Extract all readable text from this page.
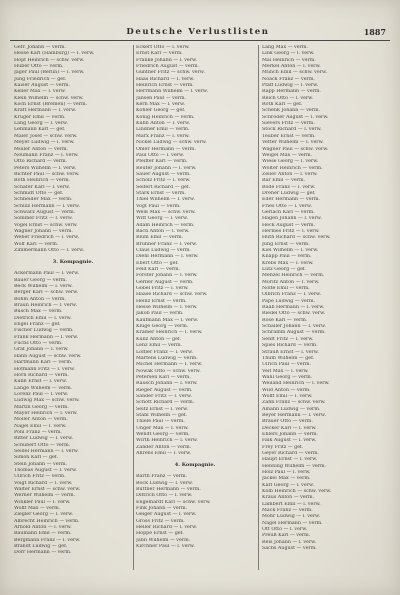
Deutsche Verlustlisten	1887
Gefr. Johann — verm.
Hesse Karl (Hamburg) — l. verw.
Hopf Heinrich — schw. verw.
Huber Otto — verm.
Jäger Paul (Berlin) — l. verw.
Jung Friedrich — gef.
Kaiser August — verm.
Keller Max — l. verw.
Klein Wilhelm — schw. verw.
Koch Ernst (Bremen) — verm.
Kraft Hermann — l. verw.
Krüger Emil — verm.
Lang Georg — l. verw.
Lehmann Karl — gef.
Maier Josef — schw. verw.
Meyer Ludwig — l. verw.
Müller Anton — verm.
Neumann Franz — l. verw.
Otto Richard — verm.
Peters Wilhelm — l. verw.
Richter Paul — schw. verw.
Roth Heinrich — verm.
Schäfer Karl — l. verw.
Schmidt Otto — gef.
Schneider Max — verm.
Schulz Hermann — l. verw.
Schwarz August — verm.
Sommer Fritz — l. verw.
Vogel Ernst — schw. verw.
Wagner Johann — verm.
Weber Friedrich — l. verw.
Wolf Karl — verm.
Zimmermann Otto — l. verw.
3. Kompagnie.
Ackermann Paul — l. verw.
Bauer Georg — verm.
Beck Wilhelm — l. verw.
Berger Karl — schw. verw.
Böhm Anton — verm.
Braun Heinrich — l. verw.
Busch Max — verm.
Dietrich Emil — l. verw.
Engel Franz — gef.
Fischer Ludwig — verm.
Frank Hermann — l. verw.
Fuchs Otto — verm.
Graf Johann — l. verw.
Hahn August — schw. verw.
Hartmann Karl — verm.
Hofmann Fritz — l. verw.
Horn Richard — verm.
Kühn Ernst — l. verw.
Lange Wilhelm — verm.
Lorenz Paul — l. verw.
Ludwig Max — schw. verw.
Martin Georg — verm.
Mayer Heinrich — l. verw.
Möller Anton — verm.
Nagel Emil — l. verw.
Pohl Franz — verm.
Ritter Ludwig — l. verw.
Schubert Otto — verm.
Seidel Hermann — l. verw.
Simon Karl — gef.
Stein Johann — verm.
Thomas August — l. verw.
Ullrich Fritz — verm.
Voigt Richard — l. verw.
Walter Ernst — schw. verw.
Werner Wilhelm — verm.
Winkler Paul — l. verw.
Wolff Max — verm.
Ziegler Georg — l. verw.
Albrecht Heinrich — verm.
Arnold Anton — l. verw.
Baumann Emil — verm.
Bergmann Franz — l. verw.
Brandt Ludwig — gef.
Dörr Hermann — verm.
Eckert Otto — l. verw.
Ernst Karl — verm.
Franke Johann — l. verw.
Friedrich August — verm.
Günther Fritz — schw. verw.
Haas Richard — l. verw.
Heinrich Ernst — verm.
Herrmann Wilhelm — l. verw.
Jansen Paul — verm.
Kern Max — l. verw.
Köhler Georg — gef.
König Heinrich — verm.
Kuhn Anton — l. verw.
Lindner Emil — verm.
Marx Franz — l. verw.
Nickel Ludwig — schw. verw.
Öhler Hermann — verm.
Paul Otto — l. verw.
Pfeiffer Karl — verm.
Reuter Johann — l. verw.
Sauer August — verm.
Scholz Fritz — l. verw.
Seifert Richard — gef.
Stark Ernst — verm.
Thiel Wilhelm — l. verw.
Vogt Paul — verm.
Weiß Max — schw. verw.
Witt Georg — l. verw.
Adam Heinrich — verm.
Bach Anton — l. verw.
Blum Emil — verm.
Brunner Franz — l. verw.
Claus Ludwig — verm.
Diehl Hermann — l. verw.
Ebert Otto — gef.
Feld Karl — verm.
Förster Johann — l. verw.
Gerber August — verm.
Göbel Fritz — l. verw.
Haase Richard — schw. verw.
Heinz Ernst — verm.
Hesse Wilhelm — l. verw.
Jakob Paul — verm.
Kaufmann Max — l. verw.
Kluge Georg — verm.
Kramer Heinrich — l. verw.
Kunz Anton — gef.
Lenz Emil — verm.
Löffler Franz — l. verw.
Martens Ludwig — verm.
Michel Hermann — l. verw.
Nowak Otto — schw. verw.
Petersen Karl — verm.
Rausch Johann — l. verw.
Rieger August — verm.
Sander Fritz — l. verw.
Schott Richard — verm.
Seitz Ernst — l. verw.
Stahl Wilhelm — gef.
Thiele Paul — verm.
Unger Max — l. verw.
Wendt Georg — verm.
Wirth Heinrich — l. verw.
Zander Anton — verm.
Ahrens Emil — l. verw.
4. Kompagnie.
Barth Franz — verm.
Bock Ludwig — l. verw.
Büttner Hermann — verm.
Dittrich Otto — l. verw.
Engelhardt Karl — schw. verw.
Fink Johann — verm.
Geiger August — l. verw.
Gross Fritz — verm.
Heller Richard — l. verw.
Hoppe Ernst — gef.
Jahn Wilhelm — verm.
Kirchner Paul — l. verw.
Lang Max — verm.
Link Georg — l. verw.
Mai Heinrich — verm.
Merkel Anton — l. verw.
Münch Emil — schw. verw.
Noack Franz — verm.
Pfaff Ludwig — l. verw.
Rapp Hermann — verm.
Reich Otto — l. verw.
Roth Karl — gef.
Schenk Johann — verm.
Schröder August — l. verw.
Sievers Fritz — verm.
Stock Richard — l. verw.
Teuber Ernst — verm.
Vetter Wilhelm — l. verw.
Wagner Paul — schw. verw.
Weigel Max — verm.
Wiese Georg — l. verw.
Wolter Heinrich — verm.
Zeller Anton — l. verw.
Bär Emil — verm.
Bode Franz — l. verw.
Dreher Ludwig — gef.
Eder Hermann — verm.
Fries Otto — l. verw.
Gerlach Karl — verm.
Hagen Johann — l. verw.
Heck August — verm.
Hermes Fritz — l. verw.
Huth Richard — schw. verw.
Jung Ernst — verm.
Kiel Wilhelm — l. verw.
Knapp Paul — verm.
Krebs Max — l. verw.
Lutz Georg — gef.
Menzel Heinrich — verm.
Moritz Anton — l. verw.
Nolte Emil — verm.
Olbrich Franz — l. verw.
Pape Ludwig — verm.
Raab Hermann — l. verw.
Riedel Otto — schw. verw.
Rose Karl — verm.
Schaller Johann — l. verw.
Schramm August — verm.
Senft Fritz — l. verw.
Spies Richard — verm.
Strauß Ernst — l. verw.
Thum Wilhelm — gef.
Ulrich Paul — verm.
Veit Max — l. verw.
Wahl Georg — verm.
Weiland Heinrich — l. verw.
Wild Anton — verm.
Wolff Emil — l. verw.
Zahn Franz — schw. verw.
Amann Ludwig — verm.
Beyer Hermann — l. verw.
Bräuer Otto — verm.
Decker Karl — l. verw.
Ehlers Johann — verm.
Falk August — l. verw.
Frey Fritz — gef.
Geyer Richard — verm.
Haupt Ernst — l. verw.
Henning Wilhelm — verm.
Holz Paul — l. verw.
Jäckel Max — verm.
Karl Georg — l. verw.
Kolb Heinrich — schw. verw.
Kraus Anton — verm.
Lambert Emil — l. verw.
Mack Franz — verm.
Mohr Ludwig — l. verw.
Nagel Hermann — verm.
Ott Otto — l. verw.
Preuß Karl — verm.
Reis Johann — l. verw.
Sachs August — verm.
